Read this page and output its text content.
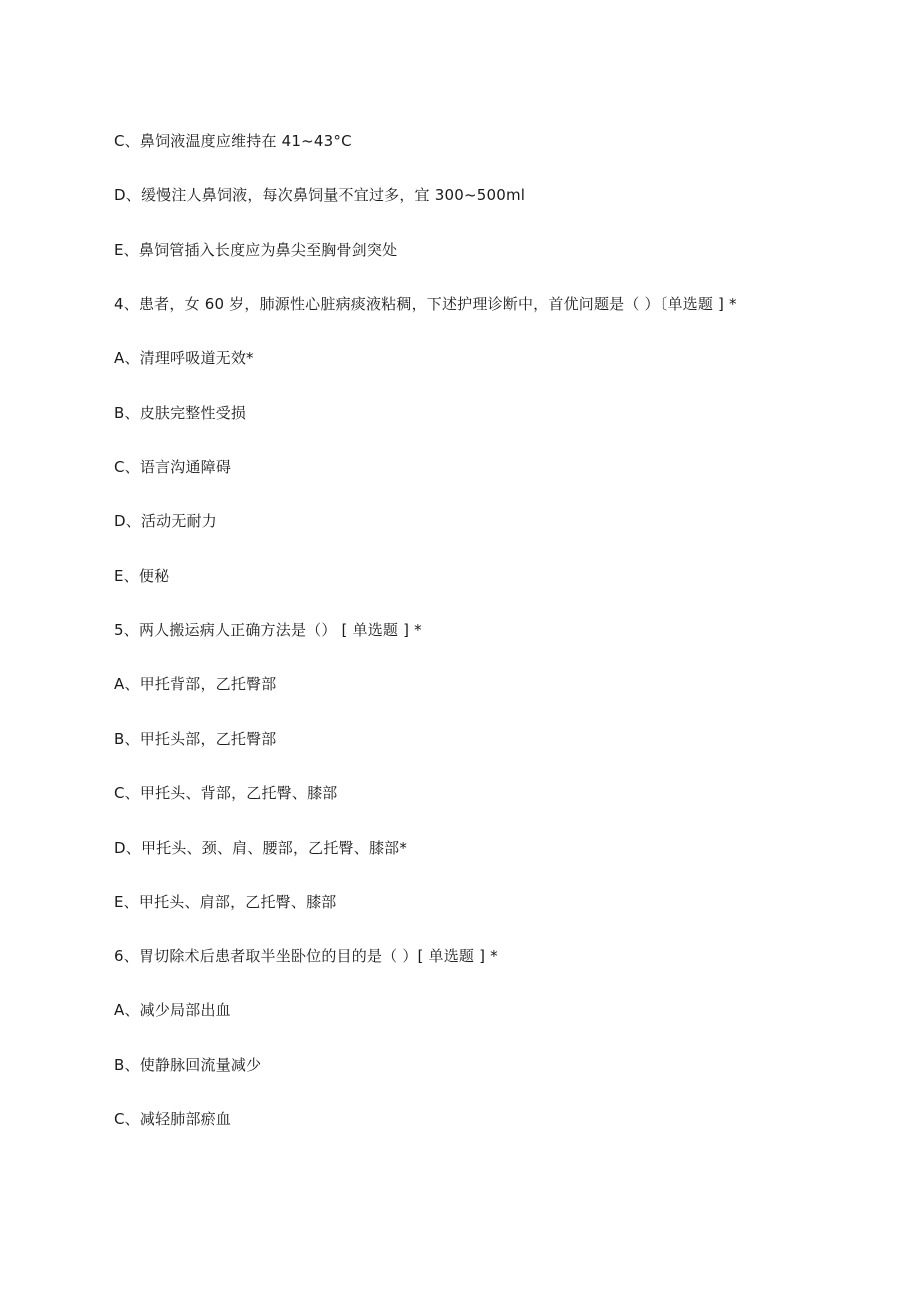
C、鼻饲液温度应维持在 41~43°C
D、缓慢注人鼻饲液，每次鼻饲量不宜过多，宜 300~500ml
E、鼻饲管插入长度应为鼻尖至胸骨剑突处
4、患者，女 60 岁，肺源性心脏病痰液粘稠，下述护理诊断中，首优问题是（ ）〔单选题 ] *
A、清理呼吸道无效*
B、皮肤完整性受损
C、语言沟通障碍
D、活动无耐力
E、便秘
5、两人搬运病人正确方法是（） [ 单选题 ] *
A、甲托背部，乙托臀部
B、甲托头部，乙托臀部
C、甲托头、背部，乙托臀、膝部
D、甲托头、颈、肩、腰部，乙托臀、膝部*
E、甲托头、肩部，乙托臀、膝部
6、胃切除术后患者取半坐卧位的目的是（ ）[ 单选题 ] *
A、减少局部出血
B、使静脉回流量减少
C、减轻肺部瘀血
